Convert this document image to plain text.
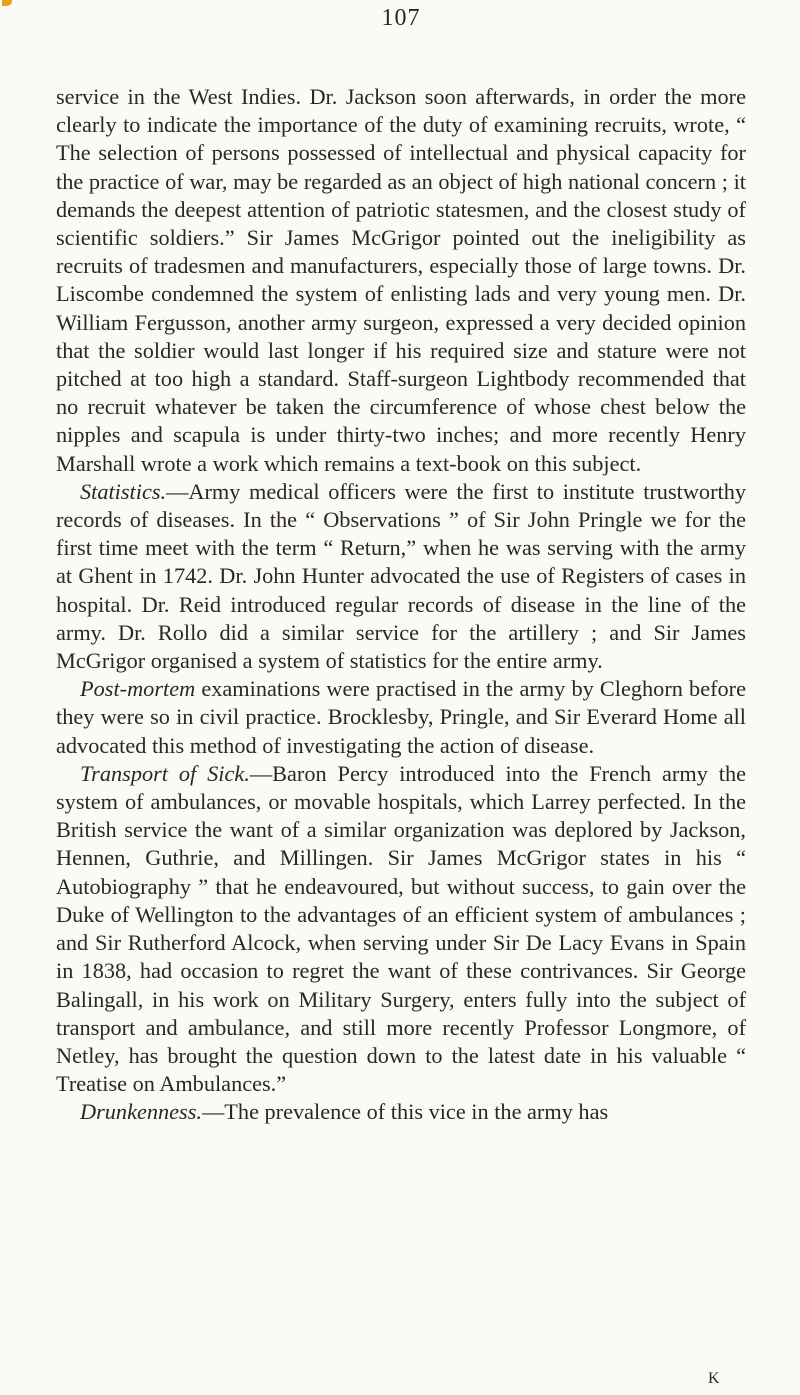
107

service in the West Indies. Dr. Jackson soon afterwards, in order the more clearly to indicate the importance of the duty of examining recruits, wrote, “ The selection of persons possessed of intellectual and physical capacity for the practice of war, may be regarded as an object of high national concern ; it demands the deepest attention of patriotic statesmen, and the closest study of scientific soldiers.” Sir James McGrigor pointed out the ineligibility as recruits of tradesmen and manufacturers, especially those of large towns. Dr. Liscombe condemned the system of enlisting lads and very young men. Dr. William Fergusson, another army surgeon, expressed a very decided opinion that the soldier would last longer if his required size and stature were not pitched at too high a standard. Staff-surgeon Lightbody recommended that no recruit whatever be taken the circumference of whose chest below the nipples and scapula is under thirty-two inches; and more recently Henry Marshall wrote a work which remains a text-book on this subject.

Statistics.—Army medical officers were the first to institute trustworthy records of diseases. In the “ Observations ” of Sir John Pringle we for the first time meet with the term “ Return,” when he was serving with the army at Ghent in 1742. Dr. John Hunter advocated the use of Registers of cases in hospital. Dr. Reid introduced regular records of disease in the line of the army. Dr. Rollo did a similar service for the artillery ; and Sir James McGrigor organised a system of statistics for the entire army.

Post-mortem examinations were practised in the army by Cleghorn before they were so in civil practice. Brocklesby, Pringle, and Sir Everard Home all advocated this method of investigating the action of disease.

Transport of Sick.—Baron Percy introduced into the French army the system of ambulances, or movable hospitals, which Larrey perfected. In the British service the want of a similar organization was deplored by Jackson, Hennen, Guthrie, and Millingen. Sir James McGrigor states in his “ Autobiography ” that he endeavoured, but without success, to gain over the Duke of Wellington to the advantages of an efficient system of ambulances ; and Sir Rutherford Alcock, when serving under Sir De Lacy Evans in Spain in 1838, had occasion to regret the want of these contrivances. Sir George Balingall, in his work on Military Surgery, enters fully into the subject of transport and ambulance, and still more recently Professor Longmore, of Netley, has brought the question down to the latest date in his valuable “ Treatise on Ambulances.”

Drunkenness.—The prevalence of this vice in the army has

K
